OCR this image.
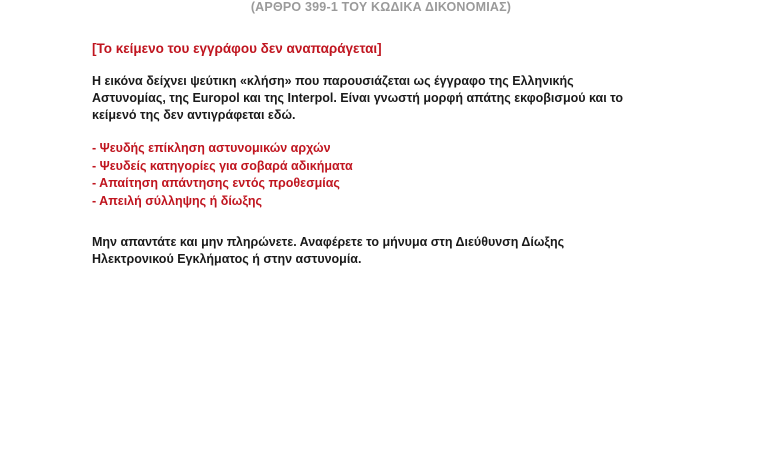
(ΑΡΘΡΟ 399-1 ΤΟΥ ΚΩΔΙΚΑ ΔΙΚΟΝΟΜΙΑΣ)

[Το κείμενο του εγγράφου δεν αναπαράγεται]

Η εικόνα δείχνει ψεύτικη «κλήση» που παρουσιάζεται ως έγγραφο της Ελληνικής Αστυνομίας, της Europol και της Interpol. Είναι γνωστή μορφή απάτης εκφοβισμού και το κείμενό της δεν αντιγράφεται εδώ.

- Ψευδής επίκληση αστυνομικών αρχών
- Ψευδείς κατηγορίες για σοβαρά αδικήματα
- Απαίτηση απάντησης εντός προθεσμίας
- Απειλή σύλληψης ή δίωξης

Μην απαντάτε και μην πληρώνετε. Αναφέρετε το μήνυμα στη Διεύθυνση Δίωξης Ηλεκτρονικού Εγκλήματος ή στην αστυνομία.
